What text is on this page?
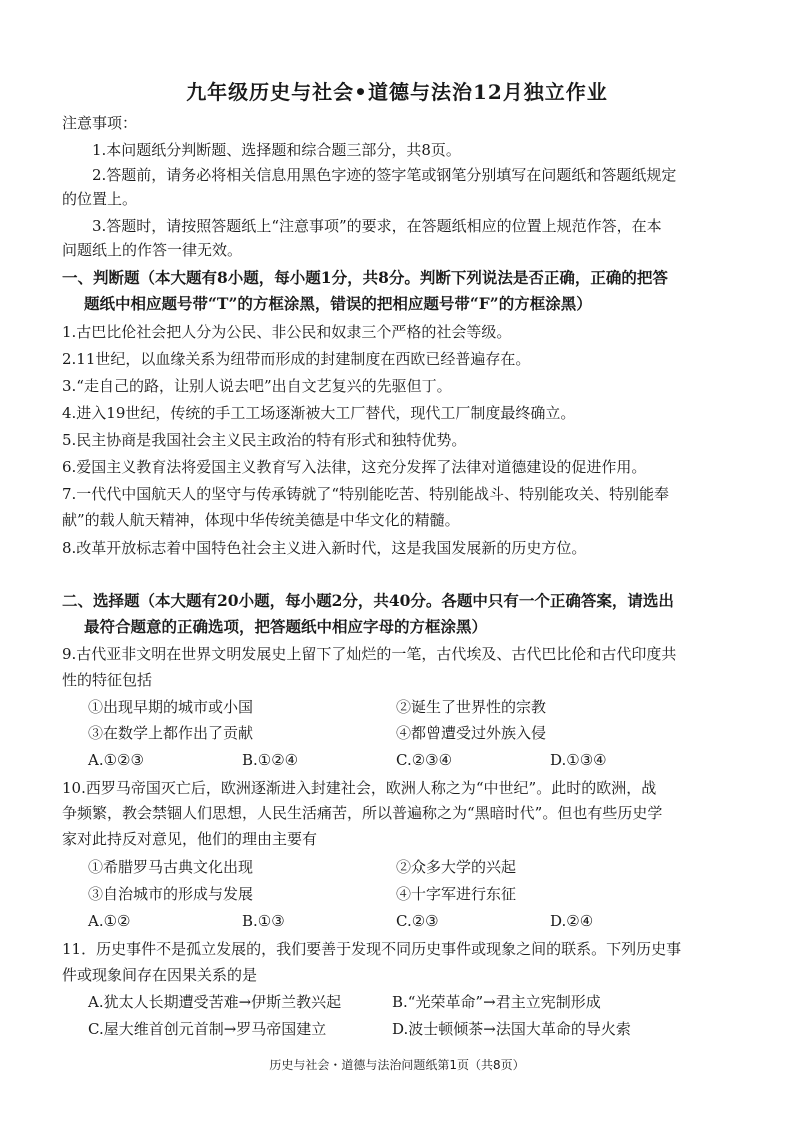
九年级历史与社会•道德与法治12月独立作业
注意事项：
1.本问题纸分判断题、选择题和综合题三部分，共8页。
2.答题前，请务必将相关信息用黑色字迹的签字笔或钢笔分别填写在问题纸和答题纸规定
的位置上。
3.答题时，请按照答题纸上“注意事项”的要求，在答题纸相应的位置上规范作答，在本
问题纸上的作答一律无效。
一、判断题（本大题有8小题，每小题1分，共8分。判断下列说法是否正确，正确的把答
题纸中相应题号带“T”的方框涂黑，错误的把相应题号带“F”的方框涂黑）
1.古巴比伦社会把人分为公民、非公民和奴隶三个严格的社会等级。
2.11世纪，以血缘关系为纽带而形成的封建制度在西欧已经普遍存在。
3.“走自己的路，让别人说去吧”出自文艺复兴的先驱但丁。
4.进入19世纪，传统的手工工场逐渐被大工厂替代，现代工厂制度最终确立。
5.民主协商是我国社会主义民主政治的特有形式和独特优势。
6.爱国主义教育法将爱国主义教育写入法律，这充分发挥了法律对道德建设的促进作用。
7.一代代中国航天人的坚守与传承铸就了“特别能吃苦、特别能战斗、特别能攻关、特别能奉
献”的载人航天精神，体现中华传统美德是中华文化的精髓。
8.改革开放标志着中国特色社会主义进入新时代，这是我国发展新的历史方位。
二、选择题（本大题有20小题，每小题2分，共40分。各题中只有一个正确答案，请选出
最符合题意的正确选项，把答题纸中相应字母的方框涂黑）
9.古代亚非文明在世界文明发展史上留下了灿烂的一笔，古代埃及、古代巴比伦和古代印度共
性的特征包括
①出现早期的城市或小国	②诞生了世界性的宗教
③在数学上都作出了贡献	④都曾遭受过外族入侵
A.①②③	B.①②④	C.②③④	D.①③④
10.西罗马帝国灭亡后，欧洲逐渐进入封建社会，欧洲人称之为“中世纪”。此时的欧洲，战
争频繁，教会禁锢人们思想，人民生活痛苦，所以普遍称之为“黑暗时代”。但也有些历史学
家对此持反对意见，他们的理由主要有
①希腊罗马古典文化出现	②众多大学的兴起
③自治城市的形成与发展	④十字军进行东征
A.①②	B.①③	C.②③	D.②④
11．历史事件不是孤立发展的，我们要善于发现不同历史事件或现象之间的联系。下列历史事
件或现象间存在因果关系的是
A.犹太人长期遭受苦难→伊斯兰教兴起	B.“光荣革命”→君主立宪制形成
C.屋大维首创元首制→罗马帝国建立	D.波士顿倾茶→法国大革命的导火索
历史与社会・道德与法治问题纸第1页（共8页）
